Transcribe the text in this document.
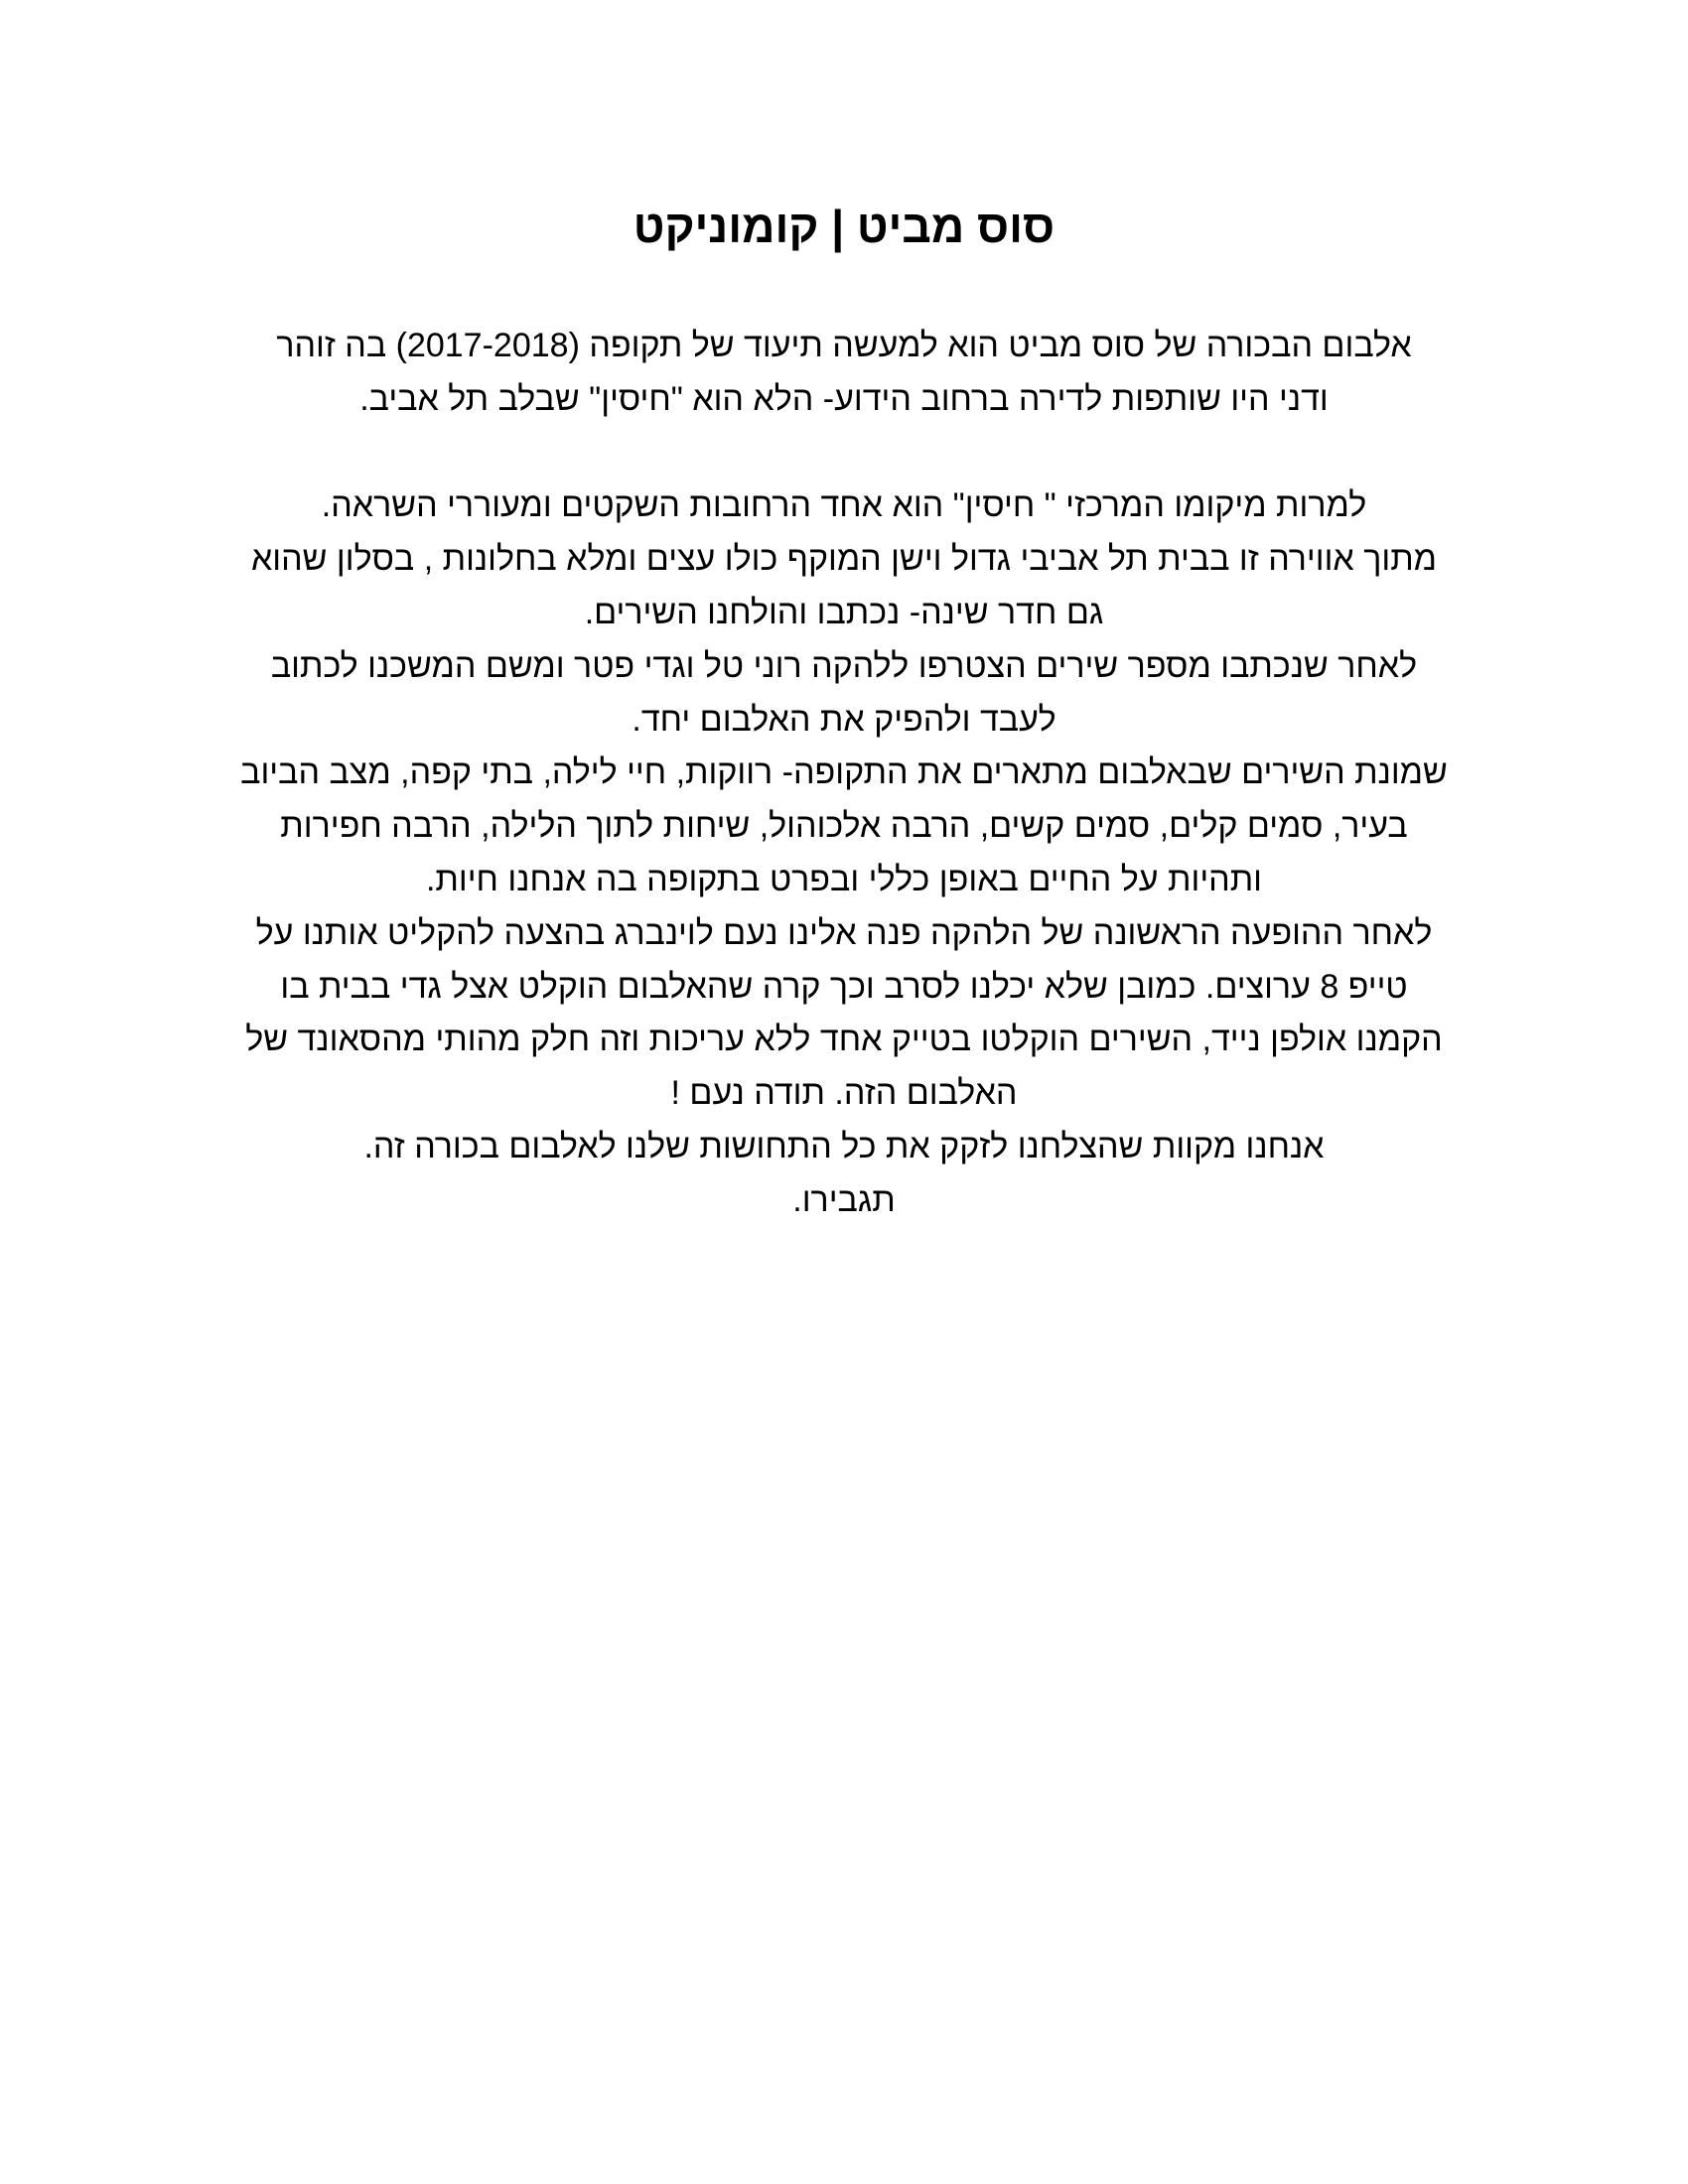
סוס מביט | קומוניקט
אלבום הבכורה של סוס מביט הוא למעשה תיעוד של תקופה (2017-2018) בה זוהר
ודני היו שותפות לדירה ברחוב הידוע- הלא הוא "חיסין" שבלב תל אביב.
למרות מיקומו המרכזי " חיסין" הוא אחד הרחובות השקטים ומעוררי השראה.
מתוך אווירה זו בבית תל אביבי גדול וישן המוקף כולו עצים ומלא בחלונות , בסלון שהוא
גם חדר שינה- נכתבו והולחנו השירים.
לאחר שנכתבו מספר שירים הצטרפו ללהקה רוני טל וגדי פטר ומשם המשכנו לכתוב
לעבד ולהפיק את האלבום יחד.
שמונת השירים שבאלבום מתארים את התקופה- רווקות, חיי לילה, בתי קפה, מצב הביוב
בעיר, סמים קלים, סמים קשים, הרבה אלכוהול, שיחות לתוך הלילה, הרבה חפירות
ותהיות על החיים באופן כללי ובפרט בתקופה בה אנחנו חיות.
לאחר ההופעה הראשונה של הלהקה פנה אלינו נעם לוינברג בהצעה להקליט אותנו על
טייפ 8 ערוצים. כמובן שלא יכלנו לסרב וכך קרה שהאלבום הוקלט אצל גדי בבית בו
הקמנו אולפן נייד, השירים הוקלטו בטייק אחד ללא עריכות וזה חלק מהותי מהסאונד של
האלבום הזה. תודה נעם !
אנחנו מקוות שהצלחנו לזקק את כל התחושות שלנו לאלבום בכורה זה.
תגבירו.
